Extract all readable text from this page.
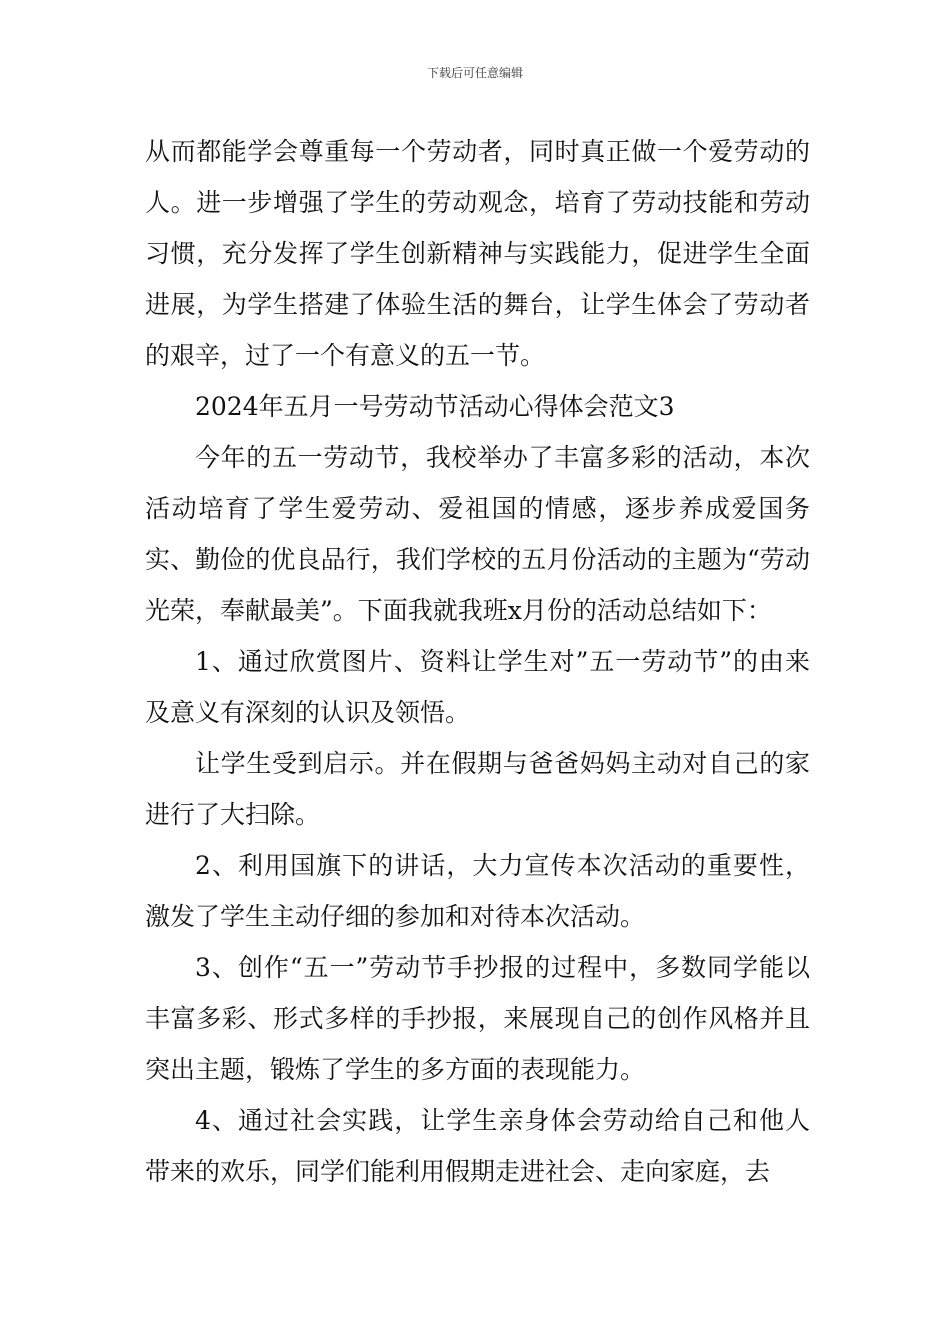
下载后可任意编辑

从而都能学会尊重每一个劳动者，同时真正做一个爱劳动的人。进一步增强了学生的劳动观念，培育了劳动技能和劳动习惯，充分发挥了学生创新精神与实践能力，促进学生全面进展，为学生搭建了体验生活的舞台，让学生体会了劳动者的艰辛，过了一个有意义的五一节。

2024年五月一号劳动节活动心得体会范文3

今年的五一劳动节，我校举办了丰富多彩的活动，本次活动培育了学生爱劳动、爱祖国的情感，逐步养成爱国务实、勤俭的优良品行，我们学校的五月份活动的主题为“劳动光荣，奉献最美”。下面我就我班x月份的活动总结如下：

1、通过欣赏图片、资料让学生对”五一劳动节”的由来及意义有深刻的认识及领悟。

让学生受到启示。并在假期与爸爸妈妈主动对自己的家进行了大扫除。

2、利用国旗下的讲话，大力宣传本次活动的重要性，激发了学生主动仔细的参加和对待本次活动。

3、创作“五一”劳动节手抄报的过程中，多数同学能以丰富多彩、形式多样的手抄报，来展现自己的创作风格并且突出主题，锻炼了学生的多方面的表现能力。

4、通过社会实践，让学生亲身体会劳动给自己和他人带来的欢乐，同学们能利用假期走进社会、走向家庭，去
